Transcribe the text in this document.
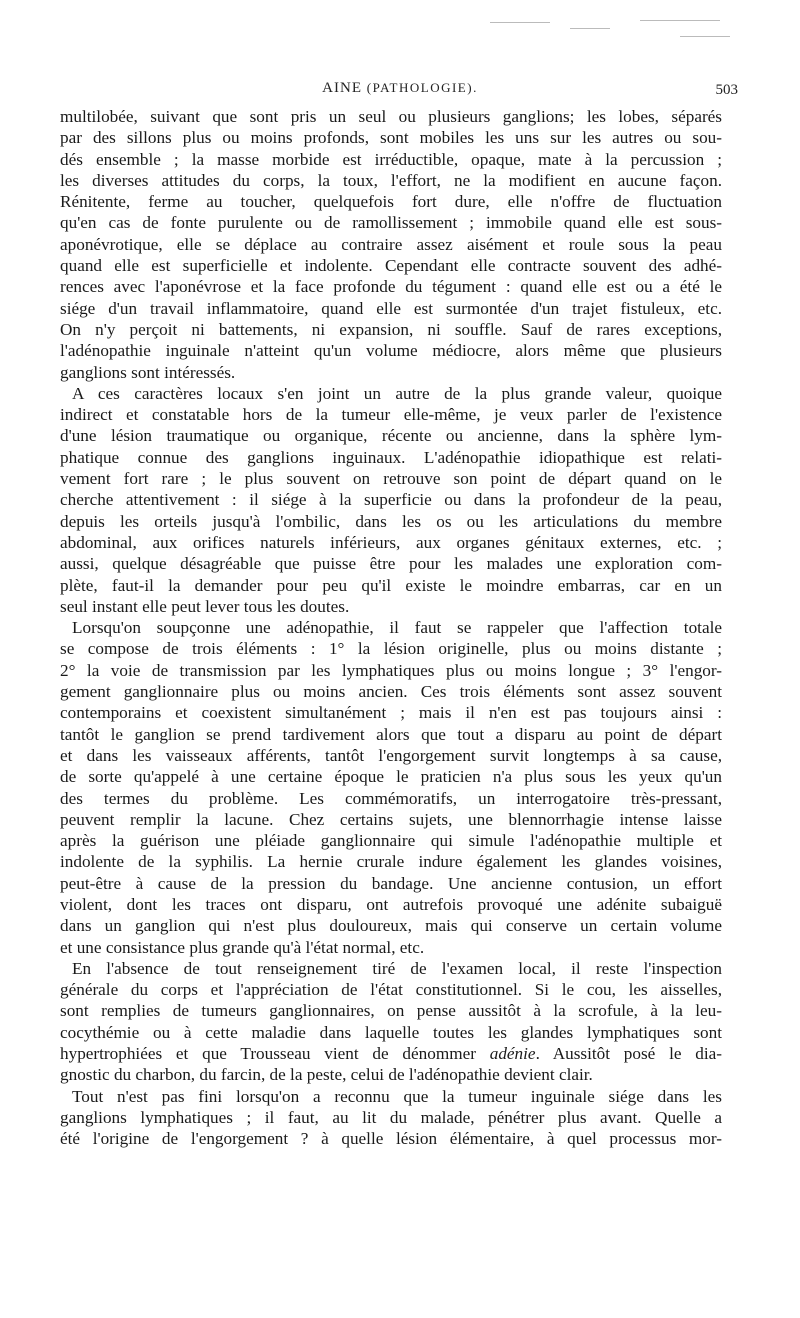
AINE (PATHOLOGIE).	503
multilobée, suivant que sont pris un seul ou plusieurs ganglions; les lobes, séparés
par des sillons plus ou moins profonds, sont mobiles les uns sur les autres ou sou-
dés ensemble ; la masse morbide est irréductible, opaque, mate à la percussion ;
les diverses attitudes du corps, la toux, l'effort, ne la modifient en aucune façon.
Rénitente, ferme au toucher, quelquefois fort dure, elle n'offre de fluctuation
qu'en cas de fonte purulente ou de ramollissement ; immobile quand elle est sous-
aponévrotique, elle se déplace au contraire assez aisément et roule sous la peau
quand elle est superficielle et indolente. Cependant elle contracte souvent des adhé-
rences avec l'aponévrose et la face profonde du tégument : quand elle est ou a été le
siége d'un travail inflammatoire, quand elle est surmontée d'un trajet fistuleux, etc.
On n'y perçoit ni battements, ni expansion, ni souffle. Sauf de rares exceptions,
l'adénopathie inguinale n'atteint qu'un volume médiocre, alors même que plusieurs
ganglions sont intéressés.
A ces caractères locaux s'en joint un autre de la plus grande valeur, quoique
indirect et constatable hors de la tumeur elle-même, je veux parler de l'existence
d'une lésion traumatique ou organique, récente ou ancienne, dans la sphère lym-
phatique connue des ganglions inguinaux. L'adénopathie idiopathique est relati-
vement fort rare ; le plus souvent on retrouve son point de départ quand on le
cherche attentivement : il siége à la superficie ou dans la profondeur de la peau,
depuis les orteils jusqu'à l'ombilic, dans les os ou les articulations du membre
abdominal, aux orifices naturels inférieurs, aux organes génitaux externes, etc. ;
aussi, quelque désagréable que puisse être pour les malades une exploration com-
plète, faut-il la demander pour peu qu'il existe le moindre embarras, car en un
seul instant elle peut lever tous les doutes.
Lorsqu'on soupçonne une adénopathie, il faut se rappeler que l'affection totale
se compose de trois éléments : 1° la lésion originelle, plus ou moins distante ;
2° la voie de transmission par les lymphatiques plus ou moins longue ; 3° l'engor-
gement ganglionnaire plus ou moins ancien. Ces trois éléments sont assez souvent
contemporains et coexistent simultanément ; mais il n'en est pas toujours ainsi :
tantôt le ganglion se prend tardivement alors que tout a disparu au point de départ
et dans les vaisseaux afférents, tantôt l'engorgement survit longtemps à sa cause,
de sorte qu'appelé à une certaine époque le praticien n'a plus sous les yeux qu'un
des termes du problème. Les commémoratifs, un interrogatoire très-pressant,
peuvent remplir la lacune. Chez certains sujets, une blennorrhagie intense laisse
après la guérison une pléiade ganglionnaire qui simule l'adénopathie multiple et
indolente de la syphilis. La hernie crurale indure également les glandes voisines,
peut-être à cause de la pression du bandage. Une ancienne contusion, un effort
violent, dont les traces ont disparu, ont autrefois provoqué une adénite subaiguë
dans un ganglion qui n'est plus douloureux, mais qui conserve un certain volume
et une consistance plus grande qu'à l'état normal, etc.
En l'absence de tout renseignement tiré de l'examen local, il reste l'inspection
générale du corps et l'appréciation de l'état constitutionnel. Si le cou, les aisselles,
sont remplies de tumeurs ganglionnaires, on pense aussitôt à la scrofule, à la leu-
cocythémie ou à cette maladie dans laquelle toutes les glandes lymphatiques sont
hypertrophiées et que Trousseau vient de dénommer adénie. Aussitôt posé le dia-
gnostic du charbon, du farcin, de la peste, celui de l'adénopathie devient clair.
Tout n'est pas fini lorsqu'on a reconnu que la tumeur inguinale siége dans les
ganglions lymphatiques ; il faut, au lit du malade, pénétrer plus avant. Quelle a
été l'origine de l'engorgement ? à quelle lésion élémentaire, à quel processus mor-
